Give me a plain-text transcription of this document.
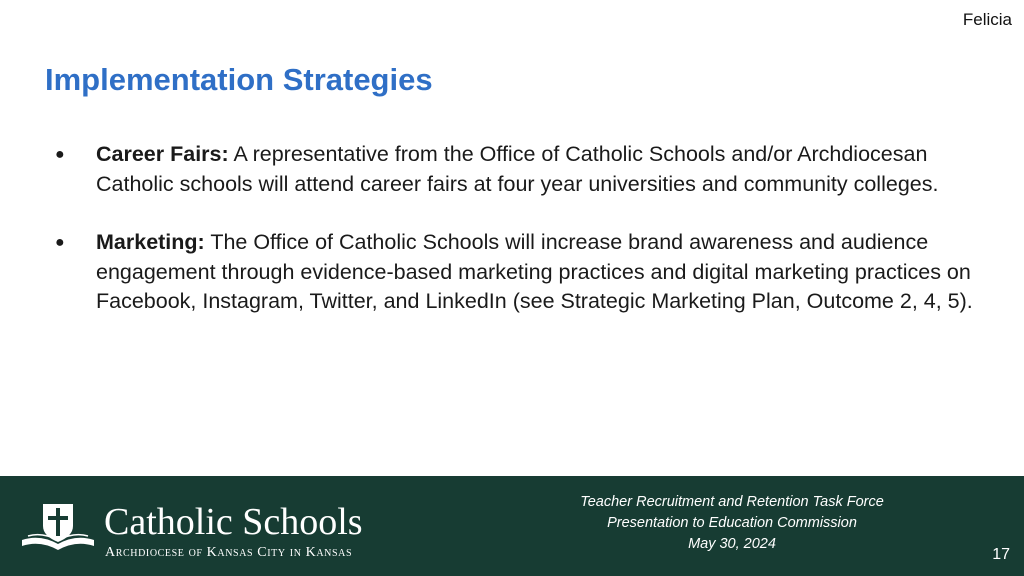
Felicia
Implementation Strategies
● Career Fairs: A representative from the Office of Catholic Schools and/or Archdiocesan Catholic schools will attend career fairs at four year universities and community colleges.
● Marketing: The Office of Catholic Schools will increase brand awareness and audience engagement through evidence-based marketing practices and digital marketing practices on Facebook, Instagram, Twitter, and LinkedIn (see Strategic Marketing Plan, Outcome 2, 4, 5).
Catholic Schools
Archdiocese of Kansas City in Kansas
Teacher Recruitment and Retention Task Force
Presentation to Education Commission
May 30, 2024
17
